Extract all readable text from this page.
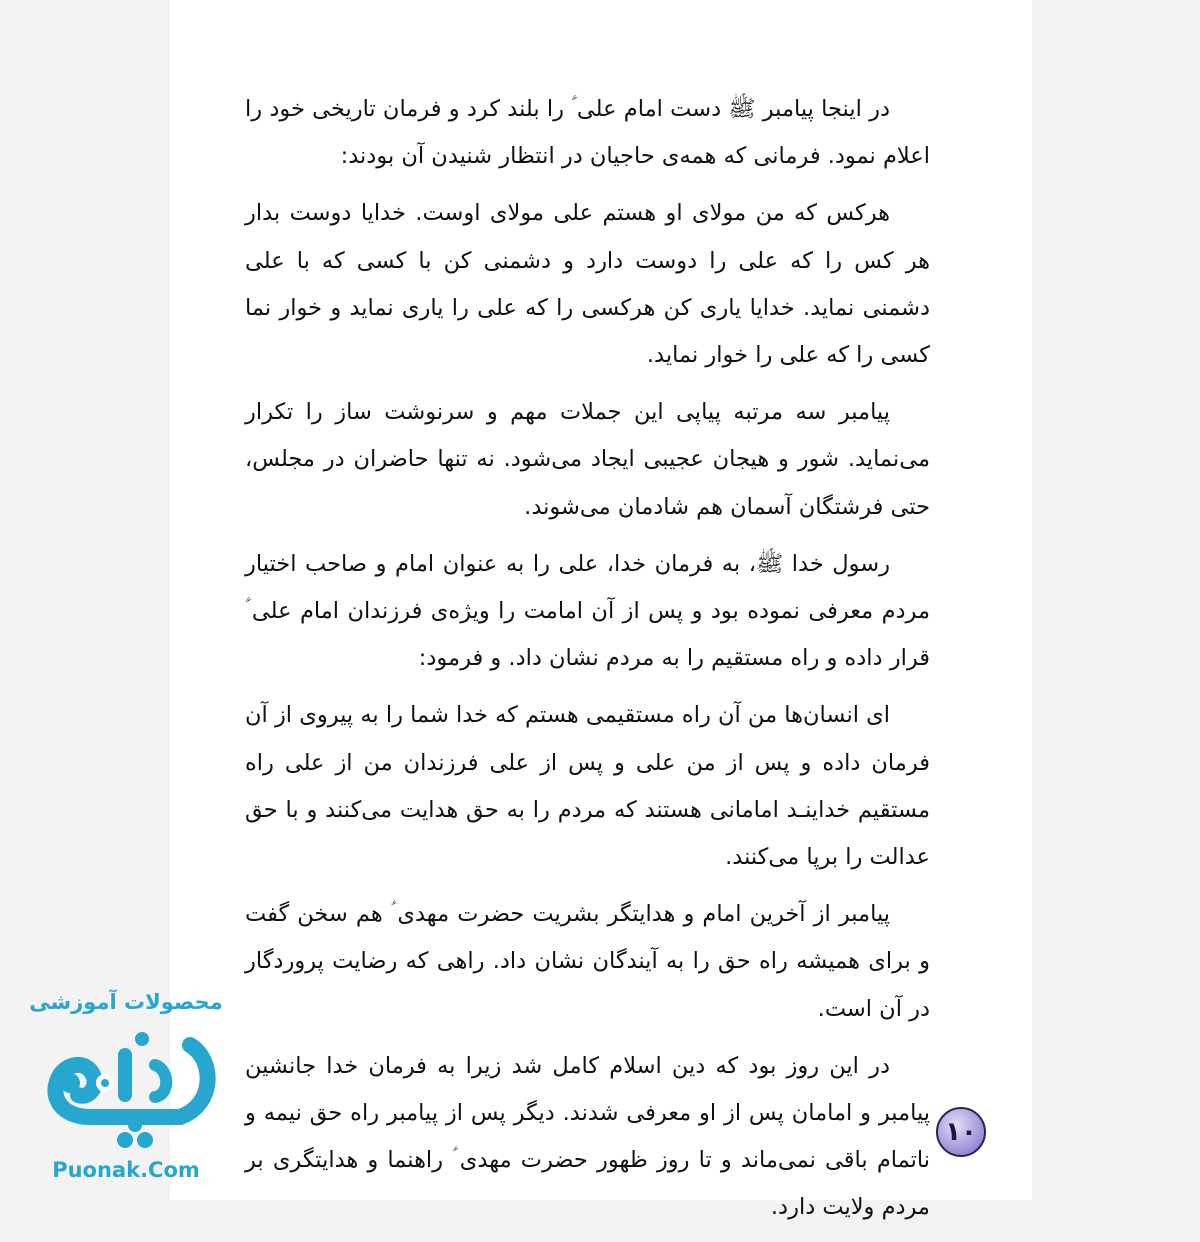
در اینجا پیامبر ﷺ دست امام علی ؑ را بلند کرد و فرمان تاریخی خود را اعلام نمود. فرمانی که همه‌ی حاجیان در انتظار شنیدن آن بودند:

هرکس که من مولای او هستم علی مولای اوست. خدایا دوست بدار هر کس را که علی را دوست دارد و دشمنی کن با کسی که با علی دشمنی نماید. خدایا یاری کن هرکسی را که علی را یاری نماید و خوار نما کسی را که علی را خوار نماید.

پیامبر سه مرتبه پیاپی این جملات مهم و سرنوشت ساز را تکرار می‌نماید. شور و هیجان عجیبی ایجاد می‌شود. نه تنها حاضران در مجلس، حتی فرشتگان آسمان هم شادمان می‌شوند.

رسول خدا ﷺ، به فرمان خدا، علی را به عنوان امام و صاحب اختیار مردم معرفی نموده بود و پس از آن امامت را ویژه‌ی فرزندان امام علی ؑ قرار داده و راه مستقیم را به مردم نشان داد. و فرمود:

ای انسان‌ها من آن راه مستقیمی هستم که خدا شما را به پیروی از آن فرمان داده و پس از من علی و پس از علی فرزندان من از علی راه مستقیم خداینـد امامانی هستند که مردم را به حق هدایت می‌کنند و با حق عدالت را برپا می‌کنند.

پیامبر از آخرین امام و هدایتگر بشریت حضرت مهدی ؑ هم سخن گفت و برای همیشه راه حق را به آیندگان نشان داد. راهی که رضایت پروردگار در آن است.

در این روز بود که دین اسلام کامل شد زیرا به فرمان خدا جانشین پیامبر و امامان پس از او معرفی شدند. دیگر پس از پیامبر راه حق نیمه و ناتمام باقی نمی‌ماند و تا روز ظهور حضرت مهدی ؑ راهنما و هدایتگری بر مردم ولایت دارد.

۱۰
محصولات آموزشی
Puonak.Com
